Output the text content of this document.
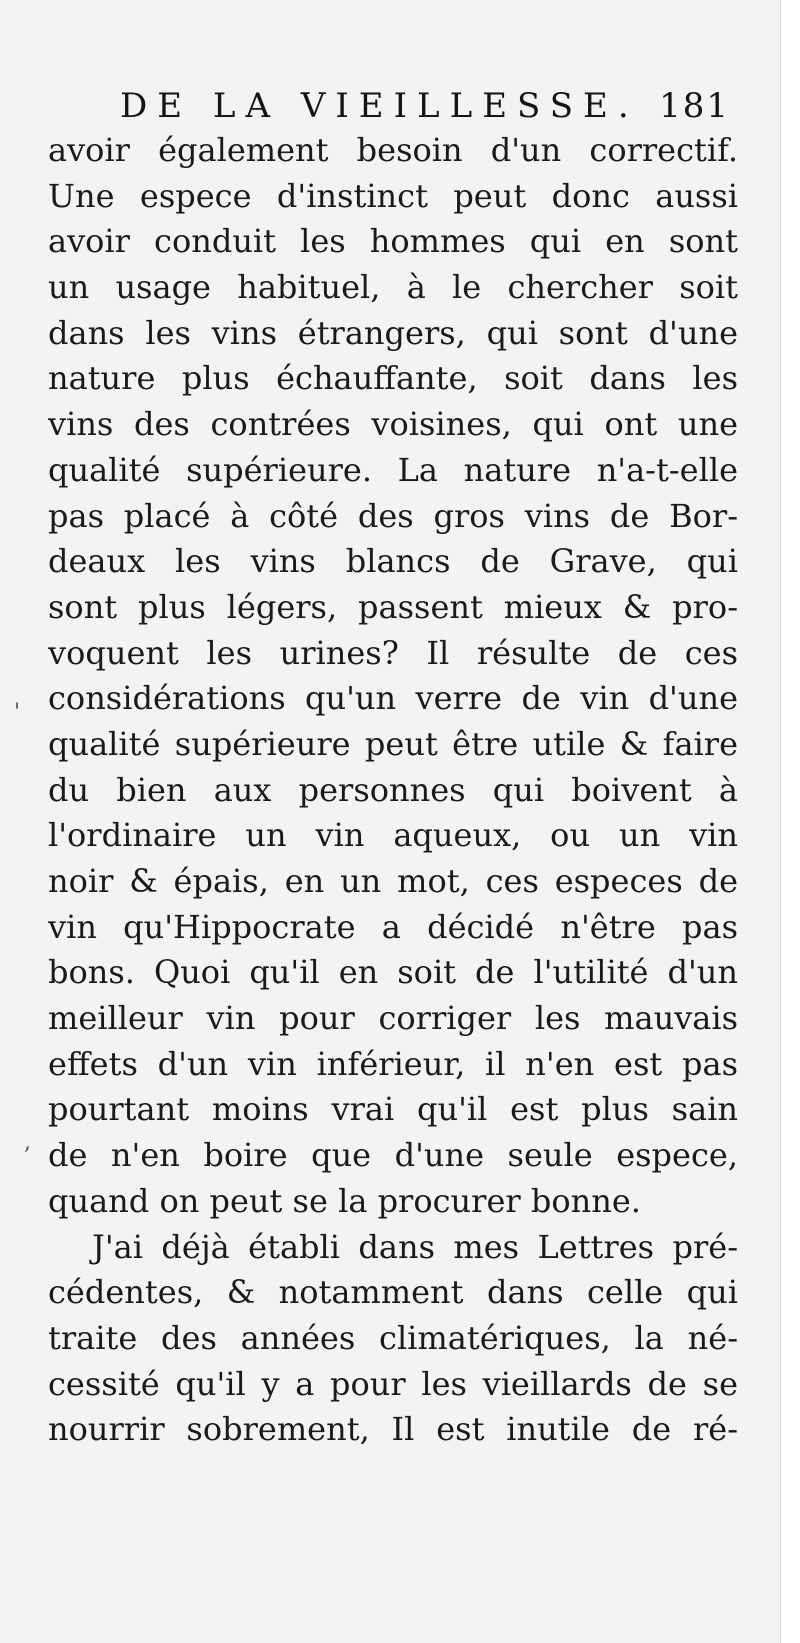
DE LA VIEILLESSE. 181
avoir également besoin d'un correctif.
Une espece d'instinct peut donc aussi
avoir conduit les hommes qui en sont
un usage habituel, à le chercher soit
dans les vins étrangers, qui sont d'une
nature plus échauffante, soit dans les
vins des contrées voisines, qui ont une
qualité supérieure. La nature n'a-t-elle
pas placé à côté des gros vins de Bor-
deaux les vins blancs de Grave, qui
sont plus légers, passent mieux & pro-
voquent les urines? Il résulte de ces
considérations qu'un verre de vin d'une
qualité supérieure peut être utile & faire
du bien aux personnes qui boivent à
l'ordinaire un vin aqueux, ou un vin
noir & épais, en un mot, ces especes de
vin qu'Hippocrate a décidé n'être pas
bons. Quoi qu'il en soit de l'utilité d'un
meilleur vin pour corriger les mauvais
effets d'un vin inférieur, il n'en est pas
pourtant moins vrai qu'il est plus sain
de n'en boire que d'une seule espece,
quand on peut se la procurer bonne.
J'ai déjà établi dans mes Lettres pré-
cédentes, & notamment dans celle qui
traite des années climatériques, la né-
cessité qu'il y a pour les vieillards de se
nourrir sobrement, Il est inutile de ré-
'
,
